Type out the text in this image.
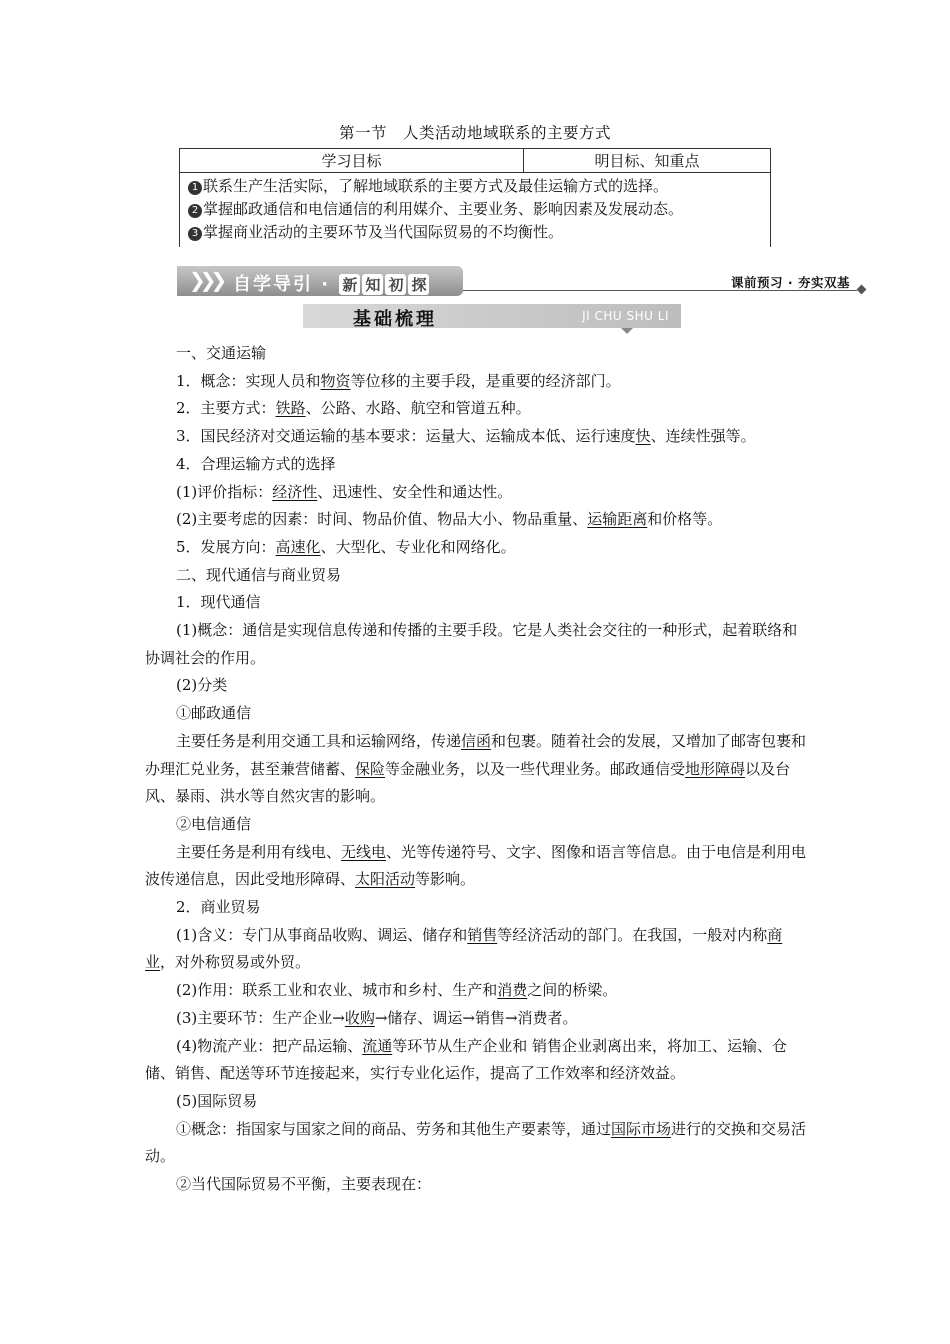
第一节　人类活动地域联系的主要方式
学习目标	明目标、知重点

1 联系生产生活实际，了解地域联系的主要方式及最佳运输方式的选择。
2 掌握邮政通信和电信通信的利用媒介、主要业务、影响因素及发展动态。
3 掌握商业活动的主要环节及当代国际贸易的不均衡性。
❯❯❯ 自学导引 · 新 知 初 探	课前预习 · 夯实双基
基础梳理	JI CHU SHU LI

一、交通运输

1．概念：实现人员和物资等位移的主要手段，是重要的经济部门。

2．主要方式：铁路、公路、水路、航空和管道五种。

3．国民经济对交通运输的基本要求：运量大、运输成本低、运行速度快、连续性强等。

4．合理运输方式的选择

(1)评价指标：经济性、迅速性、安全性和通达性。

(2)主要考虑的因素：时间、物品价值、物品大小、物品重量、运输距离和价格等。

5．发展方向：高速化、大型化、专业化和网络化。

二、现代通信与商业贸易

1．现代通信

(1)概念：通信是实现信息传递和传播的主要手段。它是人类社会交往的一种形式，起着联络和协调社会的作用。

(2)分类

①邮政通信

主要任务是利用交通工具和运输网络，传递信函和包裹。随着社会的发展，又增加了邮寄包裹和办理汇兑业务，甚至兼营储蓄、保险等金融业务，以及一些代理业务。邮政通信受地形障碍以及台风、暴雨、洪水等自然灾害的影响。

②电信通信

主要任务是利用有线电、无线电、光等传递符号、文字、图像和语言等信息。由于电信是利用电波传递信息，因此受地形障碍、太阳活动等影响。

2．商业贸易

(1)含义：专门从事商品收购、调运、储存和销售等经济活动的部门。在我国，一般对内称商业，对外称贸易或外贸。

(2)作用：联系工业和农业、城市和乡村、生产和消费之间的桥梁。

(3)主要环节：生产企业→收购→储存、调运→销售→消费者。

(4)物流产业：把产品运输、流通等环节从生产企业和 销售企业剥离出来，将加工、运输、仓储、销售、配送等环节连接起来，实行专业化运作，提高了工作效率和经济效益。

(5)国际贸易

①概念：指国家与国家之间的商品、劳务和其他生产要素等，通过国际市场进行的交换和交易活动。

②当代国际贸易不平衡，主要表现在：
